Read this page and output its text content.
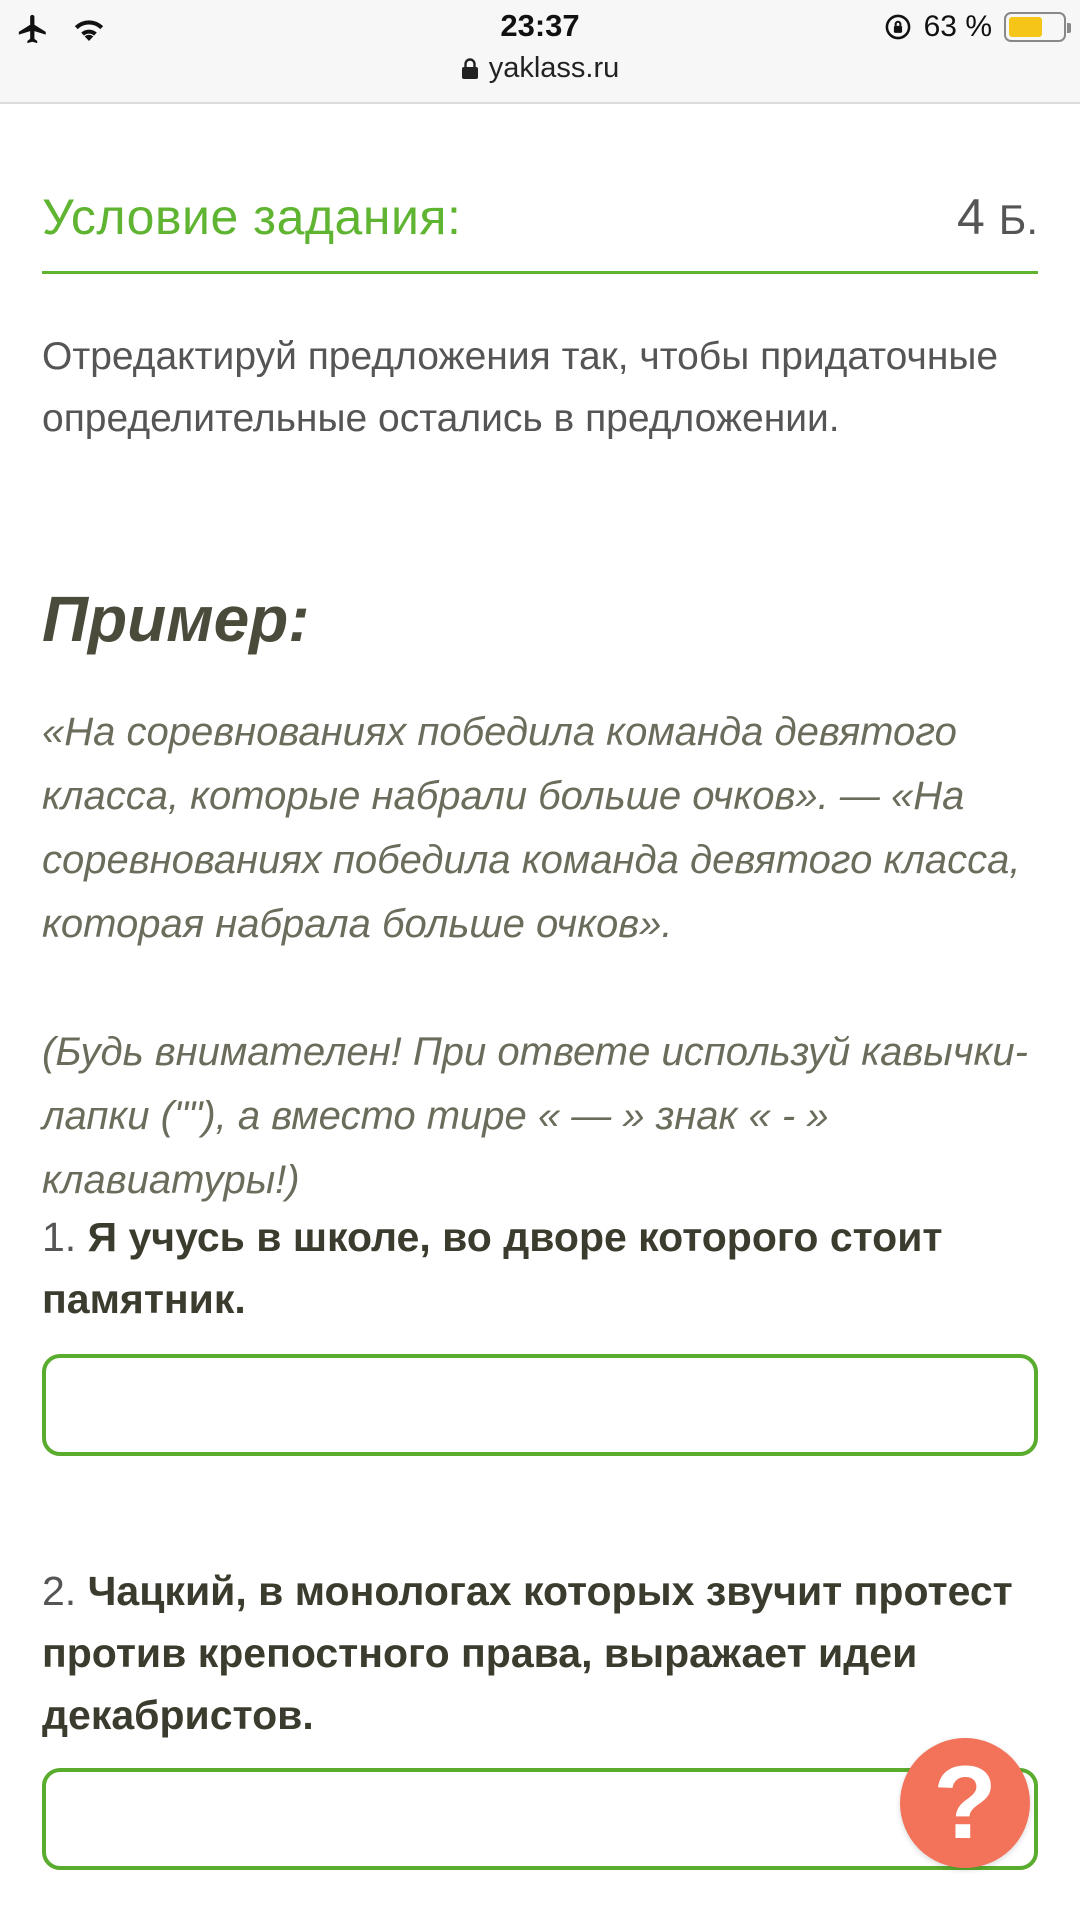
23:37
yaklass.ru
63 %
Условие задания:	4 Б.
Отредактируй предложения так, чтобы придаточные определительные остались в предложении.
Пример:
«На соревнованиях победила команда девятого класса, которые набрали больше очков». — «На соревнованиях победила команда девятого класса, которая набрала больше очков».
(Будь внимателен! При ответе используй кавычки-лапки (""), а вместо тире « — » знак « - » клавиатуры!)
1. Я учусь в школе, во дворе которого стоит памятник.
2. Чацкий, в монологах которых звучит протест против крепостного права, выражает идеи декабристов.
?
